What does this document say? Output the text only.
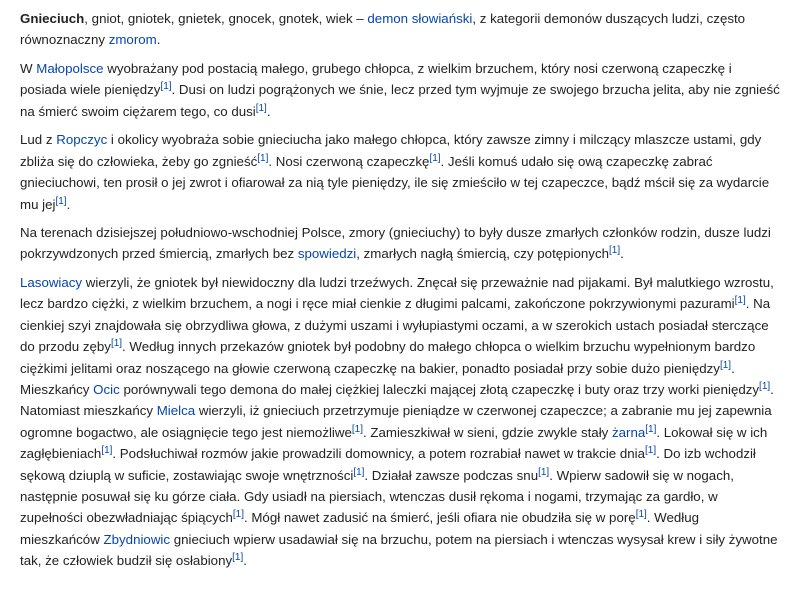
Gnieciuch, gniot, gniotek, gnietek, gnocek, gnotek, wiek – demon słowiański, z kategorii demonów duszących ludzi, często
równoznaczny zmorom.
W Małopolsce wyobrażany pod postacią małego, grubego chłopca, z wielkim brzuchem, który nosi czerwoną czapeczkę i
posiada wiele pieniędzy[1]. Dusi on ludzi pogrążonych we śnie, lecz przed tym wyjmuje ze swojego brzucha jelita, aby nie zgnieść
na śmierć swoim ciężarem tego, co dusi[1].
Lud z Ropczyc i okolicy wyobraża sobie gnieciucha jako małego chłopca, który zawsze zimny i milczący mlaszcze ustami, gdy
zbliża się do człowieka, żeby go zgnieść[1]. Nosi czerwoną czapeczkę[1]. Jeśli komuś udało się ową czapeczkę zabrać
gnieciuchowi, ten prosił o jej zwrot i ofiarował za nią tyle pieniędzy, ile się zmieściło w tej czapeczce, bądź mścił się za wydarcie
mu jej[1].
Na terenach dzisiejszej południowo-wschodniej Polsce, zmory (gnieciuchy) to były dusze zmarłych członków rodzin, dusze ludzi
pokrzywdzonych przed śmiercią, zmarłych bez spowiedzi, zmarłych nagłą śmiercią, czy potępionych[1].
Lasowiacy wierzyli, że gniotek był niewidoczny dla ludzi trzeźwych. Znęcał się przeważnie nad pijakami. Był malutkiego wzrostu,
lecz bardzo ciężki, z wielkim brzuchem, a nogi i ręce miał cienkie z długimi palcami, zakończone pokrzywionymi pazurami[1]. Na
cienkiej szyi znajdowała się obrzydliwa głowa, z dużymi uszami i wyłupiastymi oczami, a w szerokich ustach posiadał sterczące
do przodu zęby[1]. Według innych przekazów gniotek był podobny do małego chłopca o wielkim brzuchu wypełnionym bardzo
ciężkimi jelitami oraz noszącego na głowie czerwoną czapeczkę na bakier, ponadto posiadał przy sobie dużo pieniędzy[1].
Mieszkańcy Ocic porównywali tego demona do małej ciężkiej laleczki mającej złotą czapeczkę i buty oraz trzy worki pieniędzy[1].
Natomiast mieszkańcy Mielca wierzyli, iż gnieciuch przetrzymuje pieniądze w czerwonej czapeczce; a zabranie mu jej zapewnia
ogromne bogactwo, ale osiągnięcie tego jest niemożliwe[1]. Zamieszkiwał w sieni, gdzie zwykle stały żarna[1]. Lokował się w ich
zagłębieniach[1]. Podsłuchiwał rozmów jakie prowadzili domownicy, a potem rozrabiał nawet w trakcie dnia[1]. Do izb wchodził
sękową dziuplą w suficie, zostawiając swoje wnętrzności[1]. Działał zawsze podczas snu[1]. Wpierw sadowił się w nogach,
następnie posuwał się ku górze ciała. Gdy usiadł na piersiach, wtenczas dusił rękoma i nogami, trzymając za gardło, w
zupełności obezwładniając śpiących[1]. Mógł nawet zadusić na śmierć, jeśli ofiara nie obudziła się w porę[1]. Według
mieszkańców Zbydniowic gnieciuch wpierw usadawiał się na brzuchu, potem na piersiach i wtenczas wysysał krew i siły żywotne
tak, że człowiek budził się osłabiony[1].
